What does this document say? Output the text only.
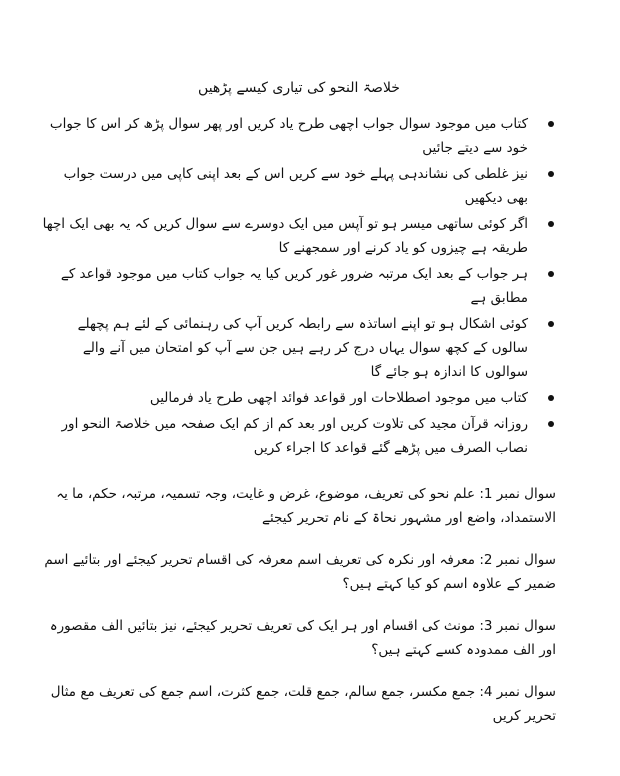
خلاصۃ النحو کی تیاری کیسے پڑھیں
کتاب میں موجود سوال جواب اچھی طرح یاد کریں اور پھر سوال پڑھ کر اس کا جواب خود سے دیتے جائیں
نیز غلطی کی نشاندہی پہلے خود سے کریں اس کے بعد اپنی کاپی میں درست جواب بھی دیکھیں
اگر کوئی ساتھی میسر ہو تو آپس میں ایک دوسرے سے سوال کریں کہ یہ بھی ایک اچھا طریقہ ہے چیزوں کو یاد کرنے اور سمجھنے کا
ہر جواب کے بعد ایک مرتبہ ضرور غور کریں کیا یہ جواب کتاب میں موجود قواعد کے مطابق ہے
کوئی اشکال ہو تو اپنے اساتذہ سے رابطہ کریں آپ کی رہنمائی کے لئے ہم پچھلے سالوں کے کچھ سوال یہاں درج کر رہے ہیں جن سے آپ کو امتحان میں آنے والے سوالوں کا اندازہ ہو جائے گا
کتاب میں موجود اصطلاحات اور قواعد فوائد اچھی طرح یاد فرمالیں
روزانہ قرآن مجید کی تلاوت کریں اور بعد کم از کم ایک صفحہ میں خلاصۃ النحو اور نصاب الصرف میں پڑھے گئے قواعد کا اجراء کریں
سوال نمبر 1: علم نحو کی تعریف، موضوع، غرض و غایت، وجہ تسمیہ، مرتبہ، حکم، ما یہ الاستمداد، واضع اور مشہور نحاۃ کے نام تحریر کیجئے
سوال نمبر 2: معرفہ اور نکرہ کی تعریف اسم معرفہ کی اقسام تحریر کیجئے اور بتائیے اسم ضمیر کے علاوہ اسم کو کیا کہتے ہیں؟
سوال نمبر 3: مونث کی اقسام اور ہر ایک کی تعریف تحریر کیجئے، نیز بتائیں الف مقصورہ اور الف ممدودہ کسے کہتے ہیں؟
سوال نمبر 4: جمع مکسر، جمع سالم، جمع قلت، جمع کثرت، اسم جمع کی تعریف مع مثال تحریر کریں
